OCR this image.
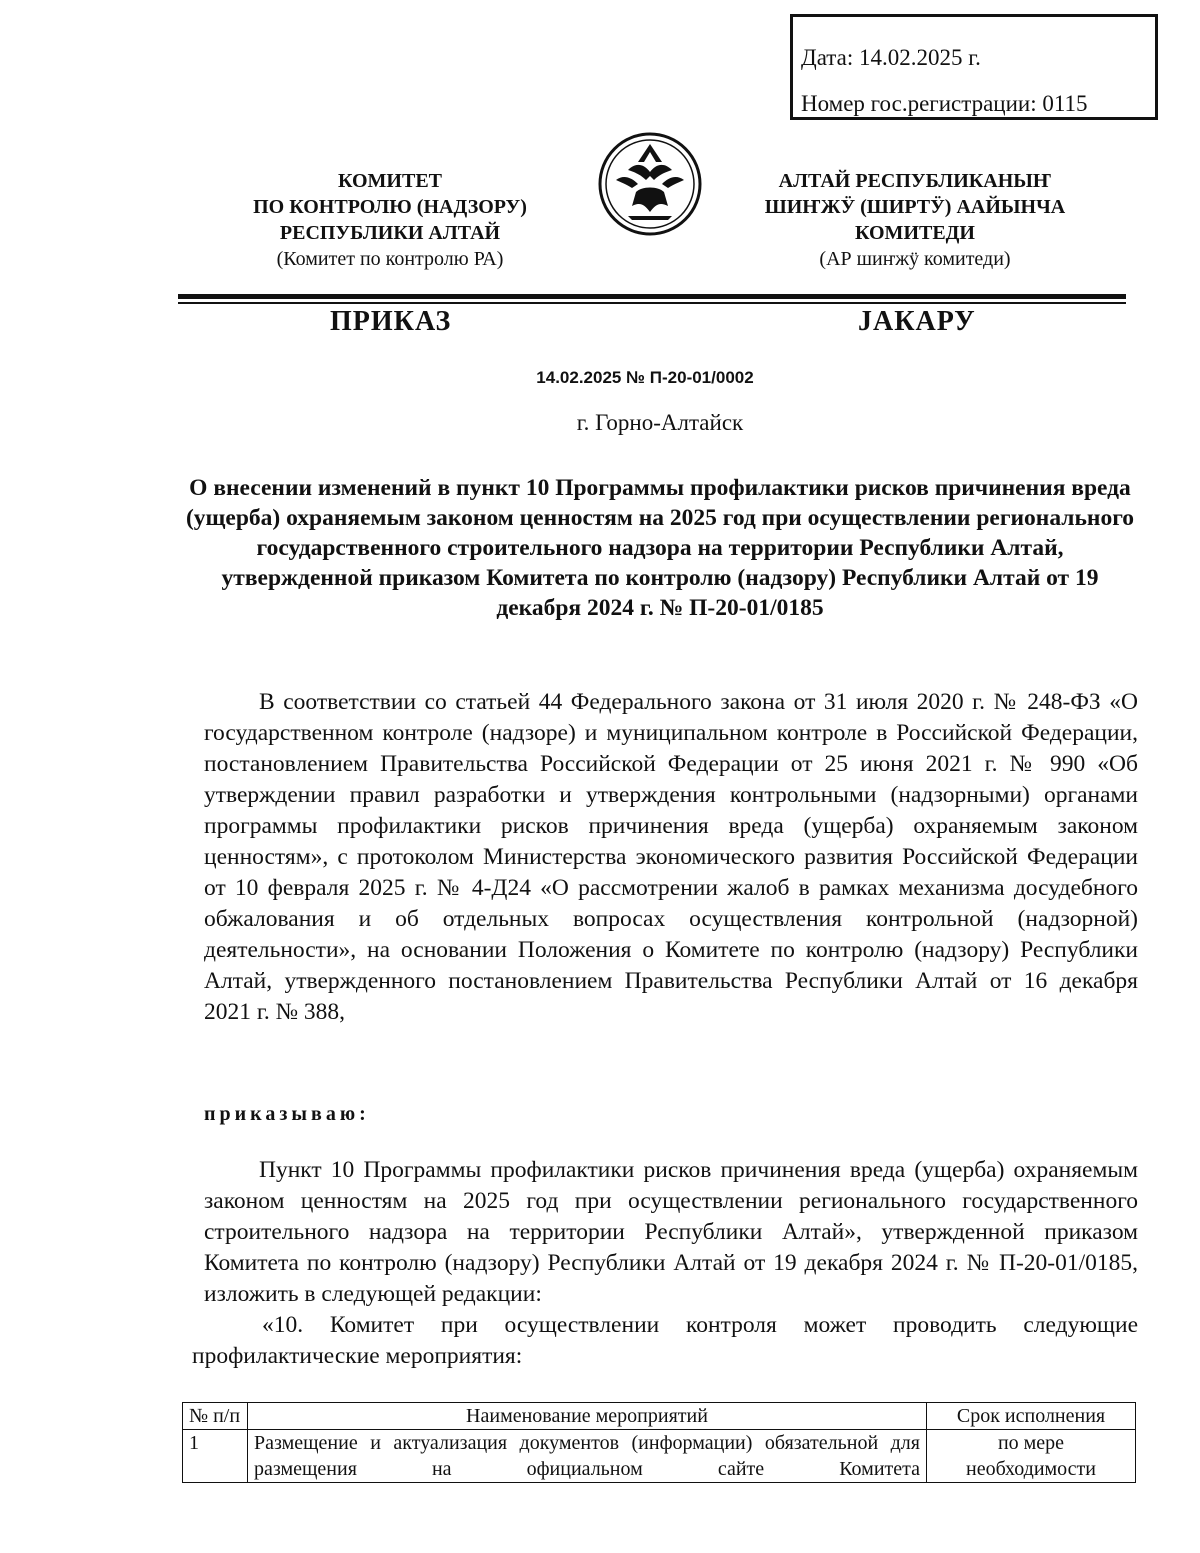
Дата: 14.02.2025 г.
Номер гос.регистрации: 0115
КОМИТЕТ
ПО КОНТРОЛЮ (НАДЗОРУ)
РЕСПУБЛИКИ АЛТАЙ
(Комитет по контролю РА)
АЛТАЙ РЕСПУБЛИКАНЫҤ
ШИҤЖӰ (ШИРТӰ) ААЙЫНЧА
КОМИТЕДИ
(АР шиҥжӱ комитеди)
ПРИКАЗ	JАКАРУ
14.02.2025 № П-20-01/0002
г. Горно-Алтайск
О внесении изменений в пункт 10 Программы профилактики рисков причинения вреда (ущерба) охраняемым законом ценностям на 2025 год при осуществлении регионального государственного строительного надзора на территории Республики Алтай, утвержденной приказом Комитета по контролю (надзору) Республики Алтай от 19 декабря 2024 г. № П-20-01/0185
В соответствии со статьей 44 Федерального закона от 31 июля 2020 г. № 248-ФЗ «О государственном контроле (надзоре) и муниципальном контроле в Российской Федерации, постановлением Правительства Российской Федерации от 25 июня 2021 г. № 990 «Об утверждении правил разработки и утверждения контрольными (надзорными) органами программы профилактики рисков причинения вреда (ущерба) охраняемым законом ценностям», с протоколом Министерства экономического развития Российской Федерации от 10 февраля 2025 г. № 4-Д24 «О рассмотрении жалоб в рамках механизма досудебного обжалования и об отдельных вопросах осуществления контрольной (надзорной) деятельности», на основании Положения о Комитете по контролю (надзору) Республики Алтай, утвержденного постановлением Правительства Республики Алтай от 16 декабря 2021 г. № 388,
приказываю:
Пункт 10 Программы профилактики рисков причинения вреда (ущерба) охраняемым законом ценностям на 2025 год при осуществлении регионального государственного строительного надзора на территории Республики Алтай», утвержденной приказом Комитета по контролю (надзору) Республики Алтай от 19 декабря 2024 г. № П-20-01/0185, изложить в следующей редакции:
«10. Комитет при осуществлении контроля может проводить следующие профилактические мероприятия:
№ п/п	Наименование мероприятий	Срок исполнения
1	Размещение и актуализация документов (информации) обязательной для размещения на официальном сайте Комитета	по мере необходимости
